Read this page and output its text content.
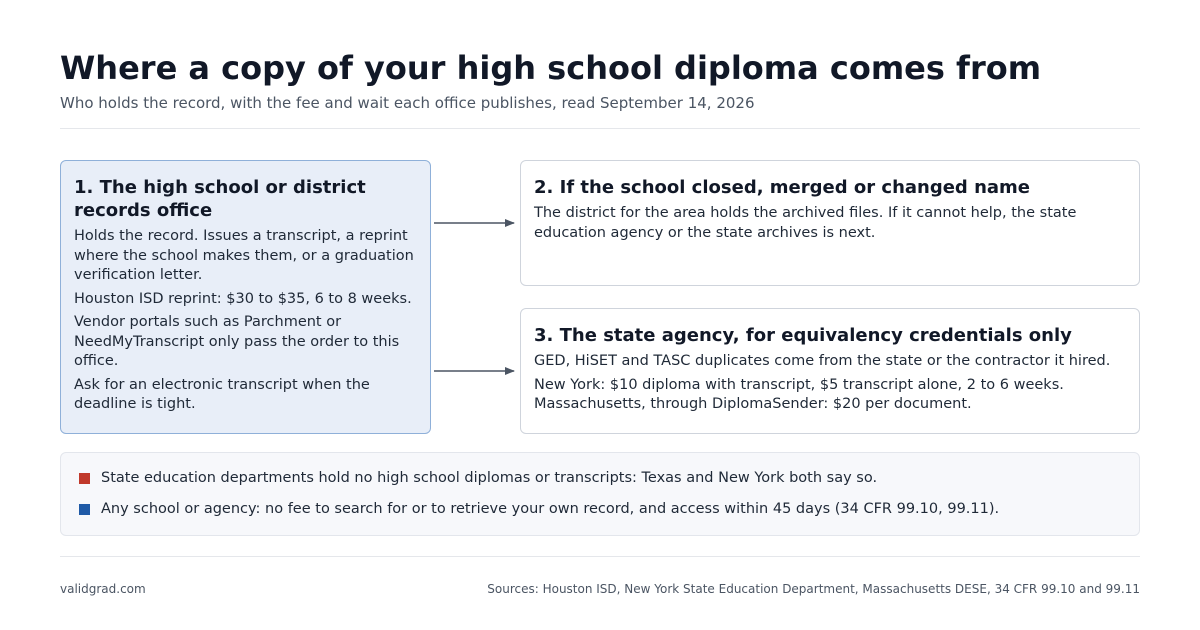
Where a copy of your high school diploma comes from
Who holds the record, with the fee and wait each office publishes, read September 14, 2026
1. The high school or district records office

Holds the record. Issues a transcript, a reprint where the school makes them, or a graduation verification letter.

Houston ISD reprint: $30 to $35, 6 to 8 weeks.

Vendor portals such as Parchment or NeedMyTranscript only pass the order to this office.

Ask for an electronic transcript when the deadline is tight.

2. If the school closed, merged or changed name

The district for the area holds the archived files. If it cannot help, the state education agency or the state archives is next.

3. The state agency, for equivalency credentials only

GED, HiSET and TASC duplicates come from the state or the contractor it hired.

New York: $10 diploma with transcript, $5 transcript alone, 2 to 6 weeks. Massachusetts, through DiplomaSender: $20 per document.

State education departments hold no high school diplomas or transcripts: Texas and New York both say so.
Any school or agency: no fee to search for or to retrieve your own record, and access within 45 days (34 CFR 99.10, 99.11).
validgrad.com	Sources: Houston ISD, New York State Education Department, Massachusetts DESE, 34 CFR 99.10 and 99.11
